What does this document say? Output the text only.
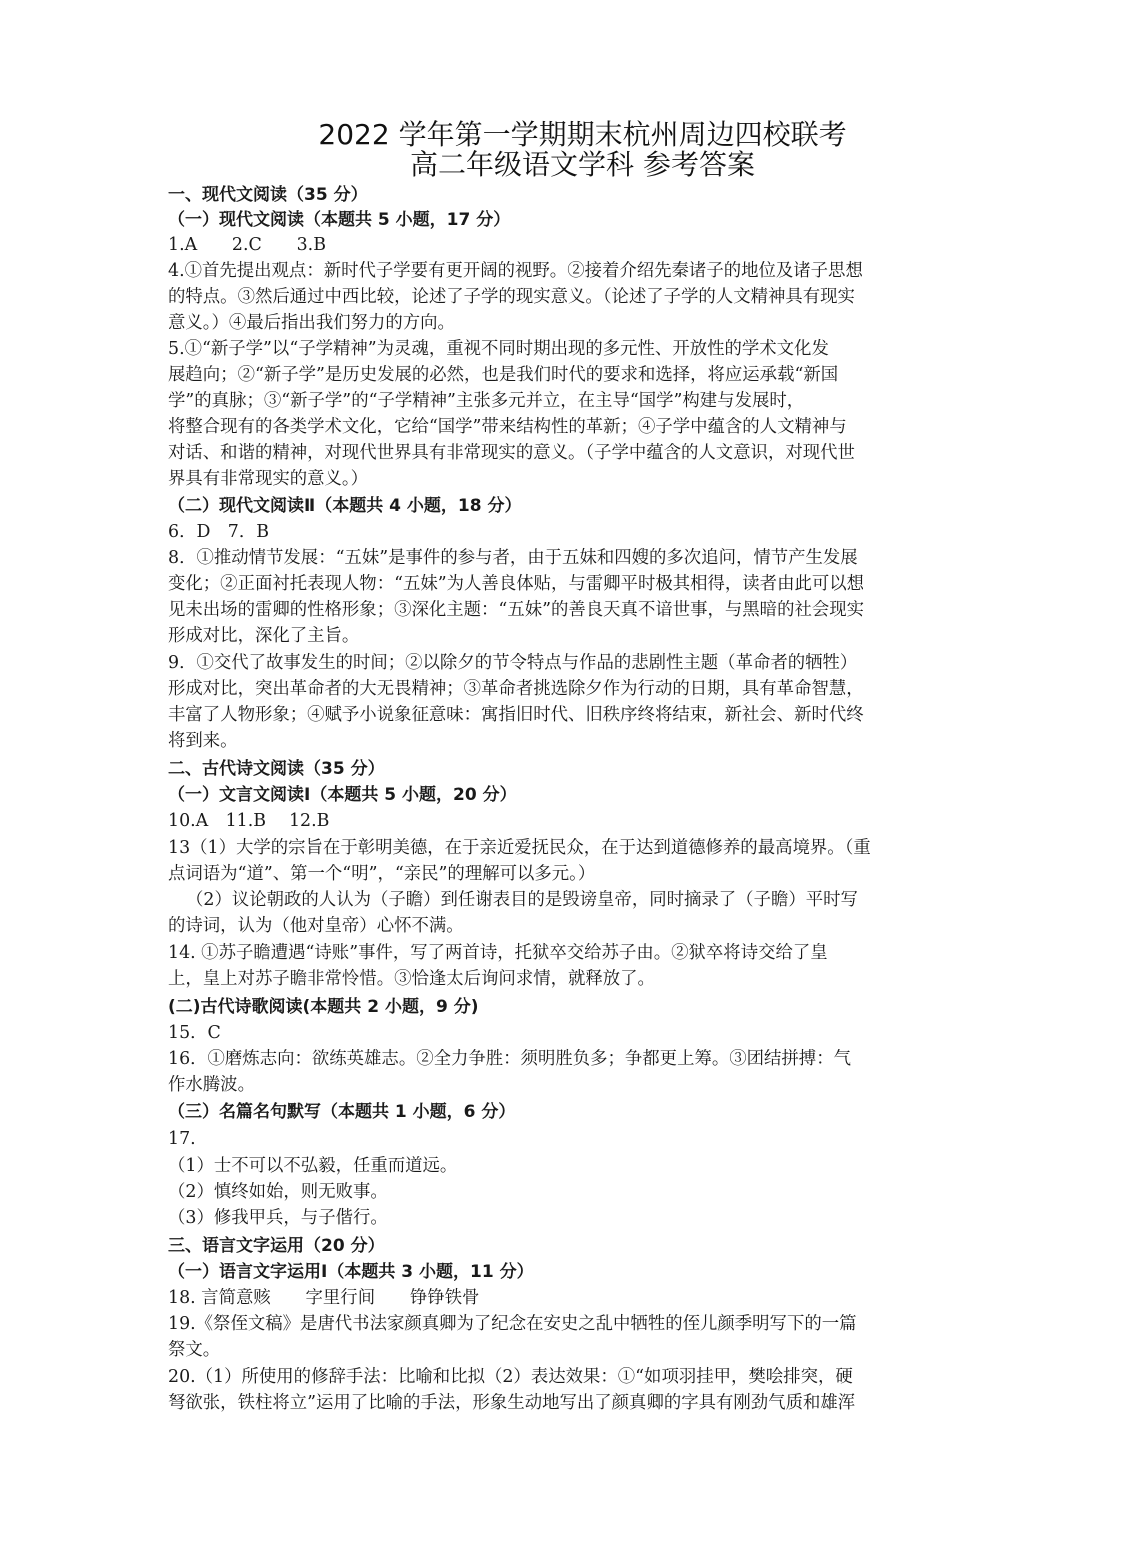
2022 学年第一学期期末杭州周边四校联考
高二年级语文学科 参考答案
一、现代文阅读（35 分）
（一）现代文阅读（本题共 5 小题，17 分）
1.A　　2.C　　3.B
4.①首先提出观点：新时代子学要有更开阔的视野。②接着介绍先秦诸子的地位及诸子思想
的特点。③然后通过中西比较，论述了子学的现实意义。（论述了子学的人文精神具有现实
意义。）④最后指出我们努力的方向。
5.①“新子学”以“子学精神”为灵魂，重视不同时期出现的多元性、开放性的学术文化发
展趋向；②“新子学”是历史发展的必然，也是我们时代的要求和选择，将应运承载“新国
学”的真脉；③“新子学”的“子学精神”主张多元并立，在主导“国学”构建与发展时，
将整合现有的各类学术文化，它给“国学”带来结构性的革新；④子学中蕴含的人文精神与
对话、和谐的精神，对现代世界具有非常现实的意义。（子学中蕴含的人文意识，对现代世
界具有非常现实的意义。）
（二）现代文阅读Ⅱ（本题共 4 小题，18 分）
6．D　7．B
8．①推动情节发展：“五妹”是事件的参与者，由于五妹和四嫂的多次追问，情节产生发展
变化；②正面衬托表现人物：“五妹”为人善良体贴，与雷卿平时极其相得，读者由此可以想
见未出场的雷卿的性格形象；③深化主题：“五妹”的善良天真不谙世事，与黑暗的社会现实
形成对比，深化了主旨。
9．①交代了故事发生的时间；②以除夕的节令特点与作品的悲剧性主题（革命者的牺牲）
形成对比，突出革命者的大无畏精神；③革命者挑选除夕作为行动的日期，具有革命智慧，
丰富了人物形象；④赋予小说象征意味：寓指旧时代、旧秩序终将结束，新社会、新时代终
将到来。
二、古代诗文阅读（35 分）
（一）文言文阅读Ⅰ（本题共 5 小题，20 分）
10.A　11.B　 12.B
13（1）大学的宗旨在于彰明美德，在于亲近爱抚民众，在于达到道德修养的最高境界。（重
点词语为“道”、第一个“明”，“亲民”的理解可以多元。）
（2）议论朝政的人认为（子瞻）到任谢表目的是毁谤皇帝，同时摘录了（子瞻）平时写
的诗词，认为（他对皇帝）心怀不满。
14. ①苏子瞻遭遇“诗账”事件，写了两首诗，托狱卒交给苏子由。②狱卒将诗交给了皇
上，皇上对苏子瞻非常怜惜。③恰逢太后询问求情，就释放了。
(二)古代诗歌阅读(本题共 2 小题，9 分)
15．C
16．①磨炼志向：欲练英雄志。②全力争胜：须明胜负多；争都更上筹。③团结拼搏：气
作水腾波。
（三）名篇名句默写（本题共 1 小题，6 分）
17.
（1）士不可以不弘毅，任重而道远。
（2）慎终如始，则无败事。
（3）修我甲兵，与子偕行。
三、语言文字运用（20 分）
（一）语言文字运用Ⅰ（本题共 3 小题，11 分）
18. 言简意赅　　字里行间　　铮铮铁骨
19.《祭侄文稿》是唐代书法家颜真卿为了纪念在安史之乱中牺牲的侄儿颜季明写下的一篇
祭文。
20.（1）所使用的修辞手法：比喻和比拟（2）表达效果：①“如项羽挂甲，樊哙排突，硬
弩欲张，铁柱将立”运用了比喻的手法，形象生动地写出了颜真卿的字具有刚劲气质和雄浑
